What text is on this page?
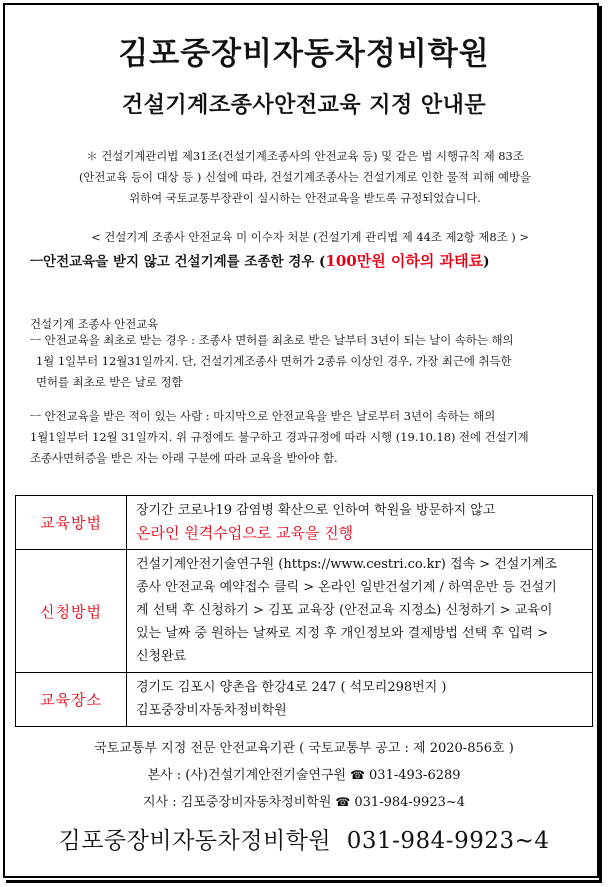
김포중장비자동차정비학원
건설기계조종사안전교육 지정 안내문
＊ 건설기계관리법 제31조(건설기계조종사의 안전교육 등) 및 같은 법 시행규칙 제 83조
(안전교육 등이 대상 등 ) 신설에 따라, 건설기계조종사는 건설기계로 인한 물적 피해 예방을
위하여 국토교통부장관이 실시하는 안전교육을 받도록 규정되었습니다.
< 건설기계 조종사 안전교육 미 이수자 처분 (건설기계 관리법 제 44조 제2항 제8조 ) >
ㅡ안전교육을 받지 않고 건설기계를 조종한 경우 (100만원 이하의 과태료)
건설기계 조종사 안전교육
ㅡ 안전교육을 최초로 받는 경우 : 조종사 면허를 최초로 받은 날부터 3년이 되는 날이 속하는 해의
1월 1일부터 12월31일까지. 단, 건설기계조종사 면허가 2종류 이상인 경우, 가장 최근에 취득한
면허를 최초로 받은 날로 정함
ㅡ 안전교육을 받은 적이 있는 사람 : 마지막으로 안전교육을 받은 날로부터 3년이 속하는 해의
1월1일부터 12월 31일까지. 위 규정에도 불구하고 경과규정에 따라 시행 (19.10.18) 전에 건설기계
조종사면허증을 받은 자는 아래 구분에 따라 교육을 받아야 함.
교육방법	장기간 코로나19 감염병 확산으로 인하여 학원을 방문하지 않고
온라인 원격수업으로 교육을 진행

신청방법	건설기계안전기술연구원 (https://www.cestri.co.kr) 접속 > 건설기계조
종사 안전교육 예약접수 클릭 > 온라인 일반건설기계 / 하역운반 등 건설기
계 선택 후 신청하기 > 김포 교육장 (안전교육 지정소) 신청하기 > 교육이
있는 날짜 중 원하는 날짜로 지정 후 개인정보와 결제방법 선택 후 입력 >
신청완료

교육장소	경기도 김포시 양촌읍 한강4로 247 ( 석모리298번지 )
김포중장비자동차정비학원
국토교통부 지정 전문 안전교육기관 ( 국토교통부 공고 : 제 2020-856호 )
본사 : (사)건설기계안전기술연구원 ☎ 031-493-6289
지사 : 김포중장비자동차정비학원 ☎ 031-984-9923~4
김포중장비자동차정비학원  031-984-9923~4
